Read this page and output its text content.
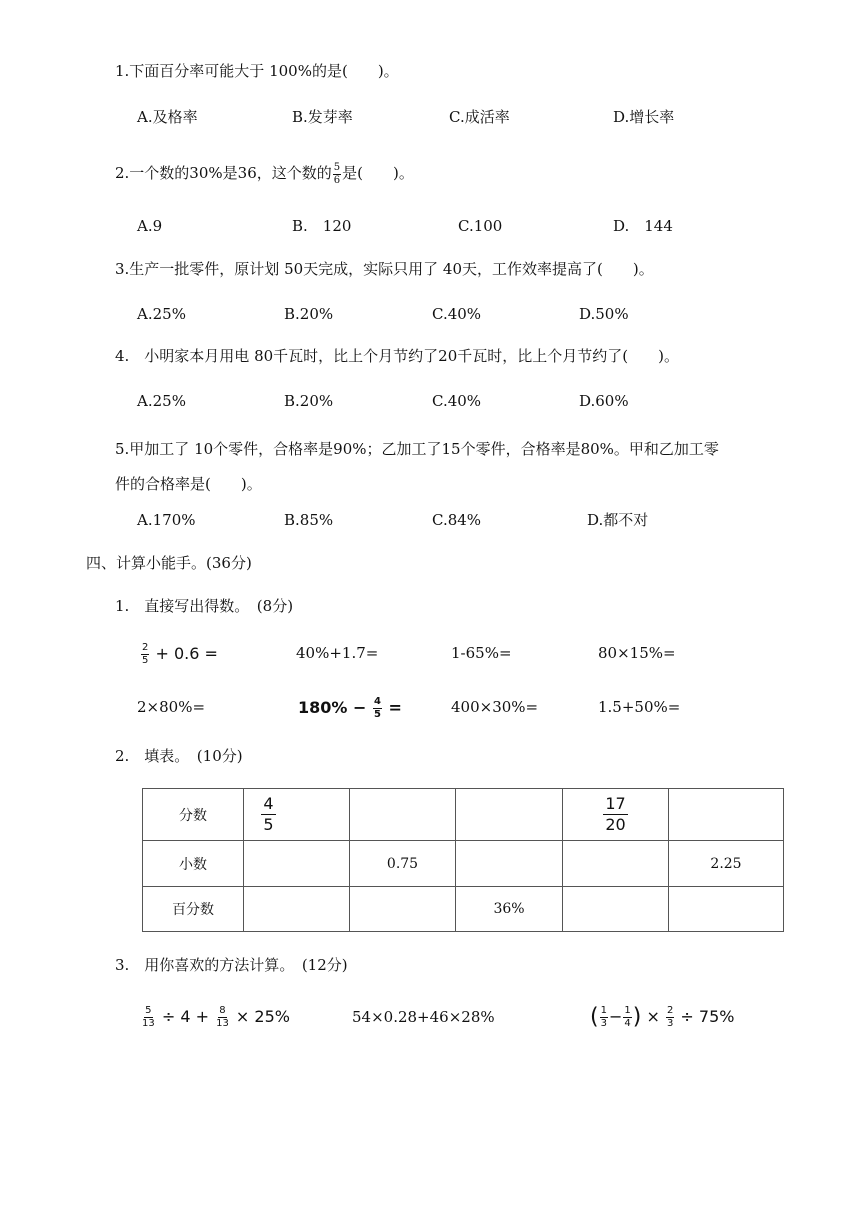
1.下面百分率可能大于 100%的是(　　)。
A.及格率	B.发芽率	C.成活率	D.增长率
2.一个数的30%是36，这个数的 $\frac{5}{6}$ 是(　　)。
A.9	B.　120	C.100	D.　144
3.生产一批零件，原计划 50天完成，实际只用了 40天，工作效率提高了(　　)。
A.25%	B.20%	C.40%	D.50%
4.　小明家本月用电 80千瓦时，比上个月节约了20千瓦时，比上个月节约了(　　)。
A.25%	B.20%	C.40%	D.60%
5.甲加工了 10个零件，合格率是90%；乙加工了15个零件，合格率是80%。甲和乙加工零
件的合格率是(　　)。
A.170%	B.85%	C.84%	D.都不对
四、计算小能手。(36分)
1.　直接写出得数。　(8分)
$\frac{2}{5} + 0.6$ =	40%+1.7=	1-65%=	80×15%=
2×80%=	$180\% - \frac{4}{5}$ =	400×30%=	1.5+50%=
2.　填表。　(10分)
分数	$\frac{4}{5}$			$\frac{17}{20}$

小数		0.75			2.25
百分数			36%		
3.　用你喜欢的方法计算。　(12分)
$\frac{5}{13} \div 4 + \frac{8}{13} \times 25\%$	54×0.28+46×28%	( $\frac{1}{3} - \frac{1}{4}$ ) × $\frac{2}{3} \div 75\%$
